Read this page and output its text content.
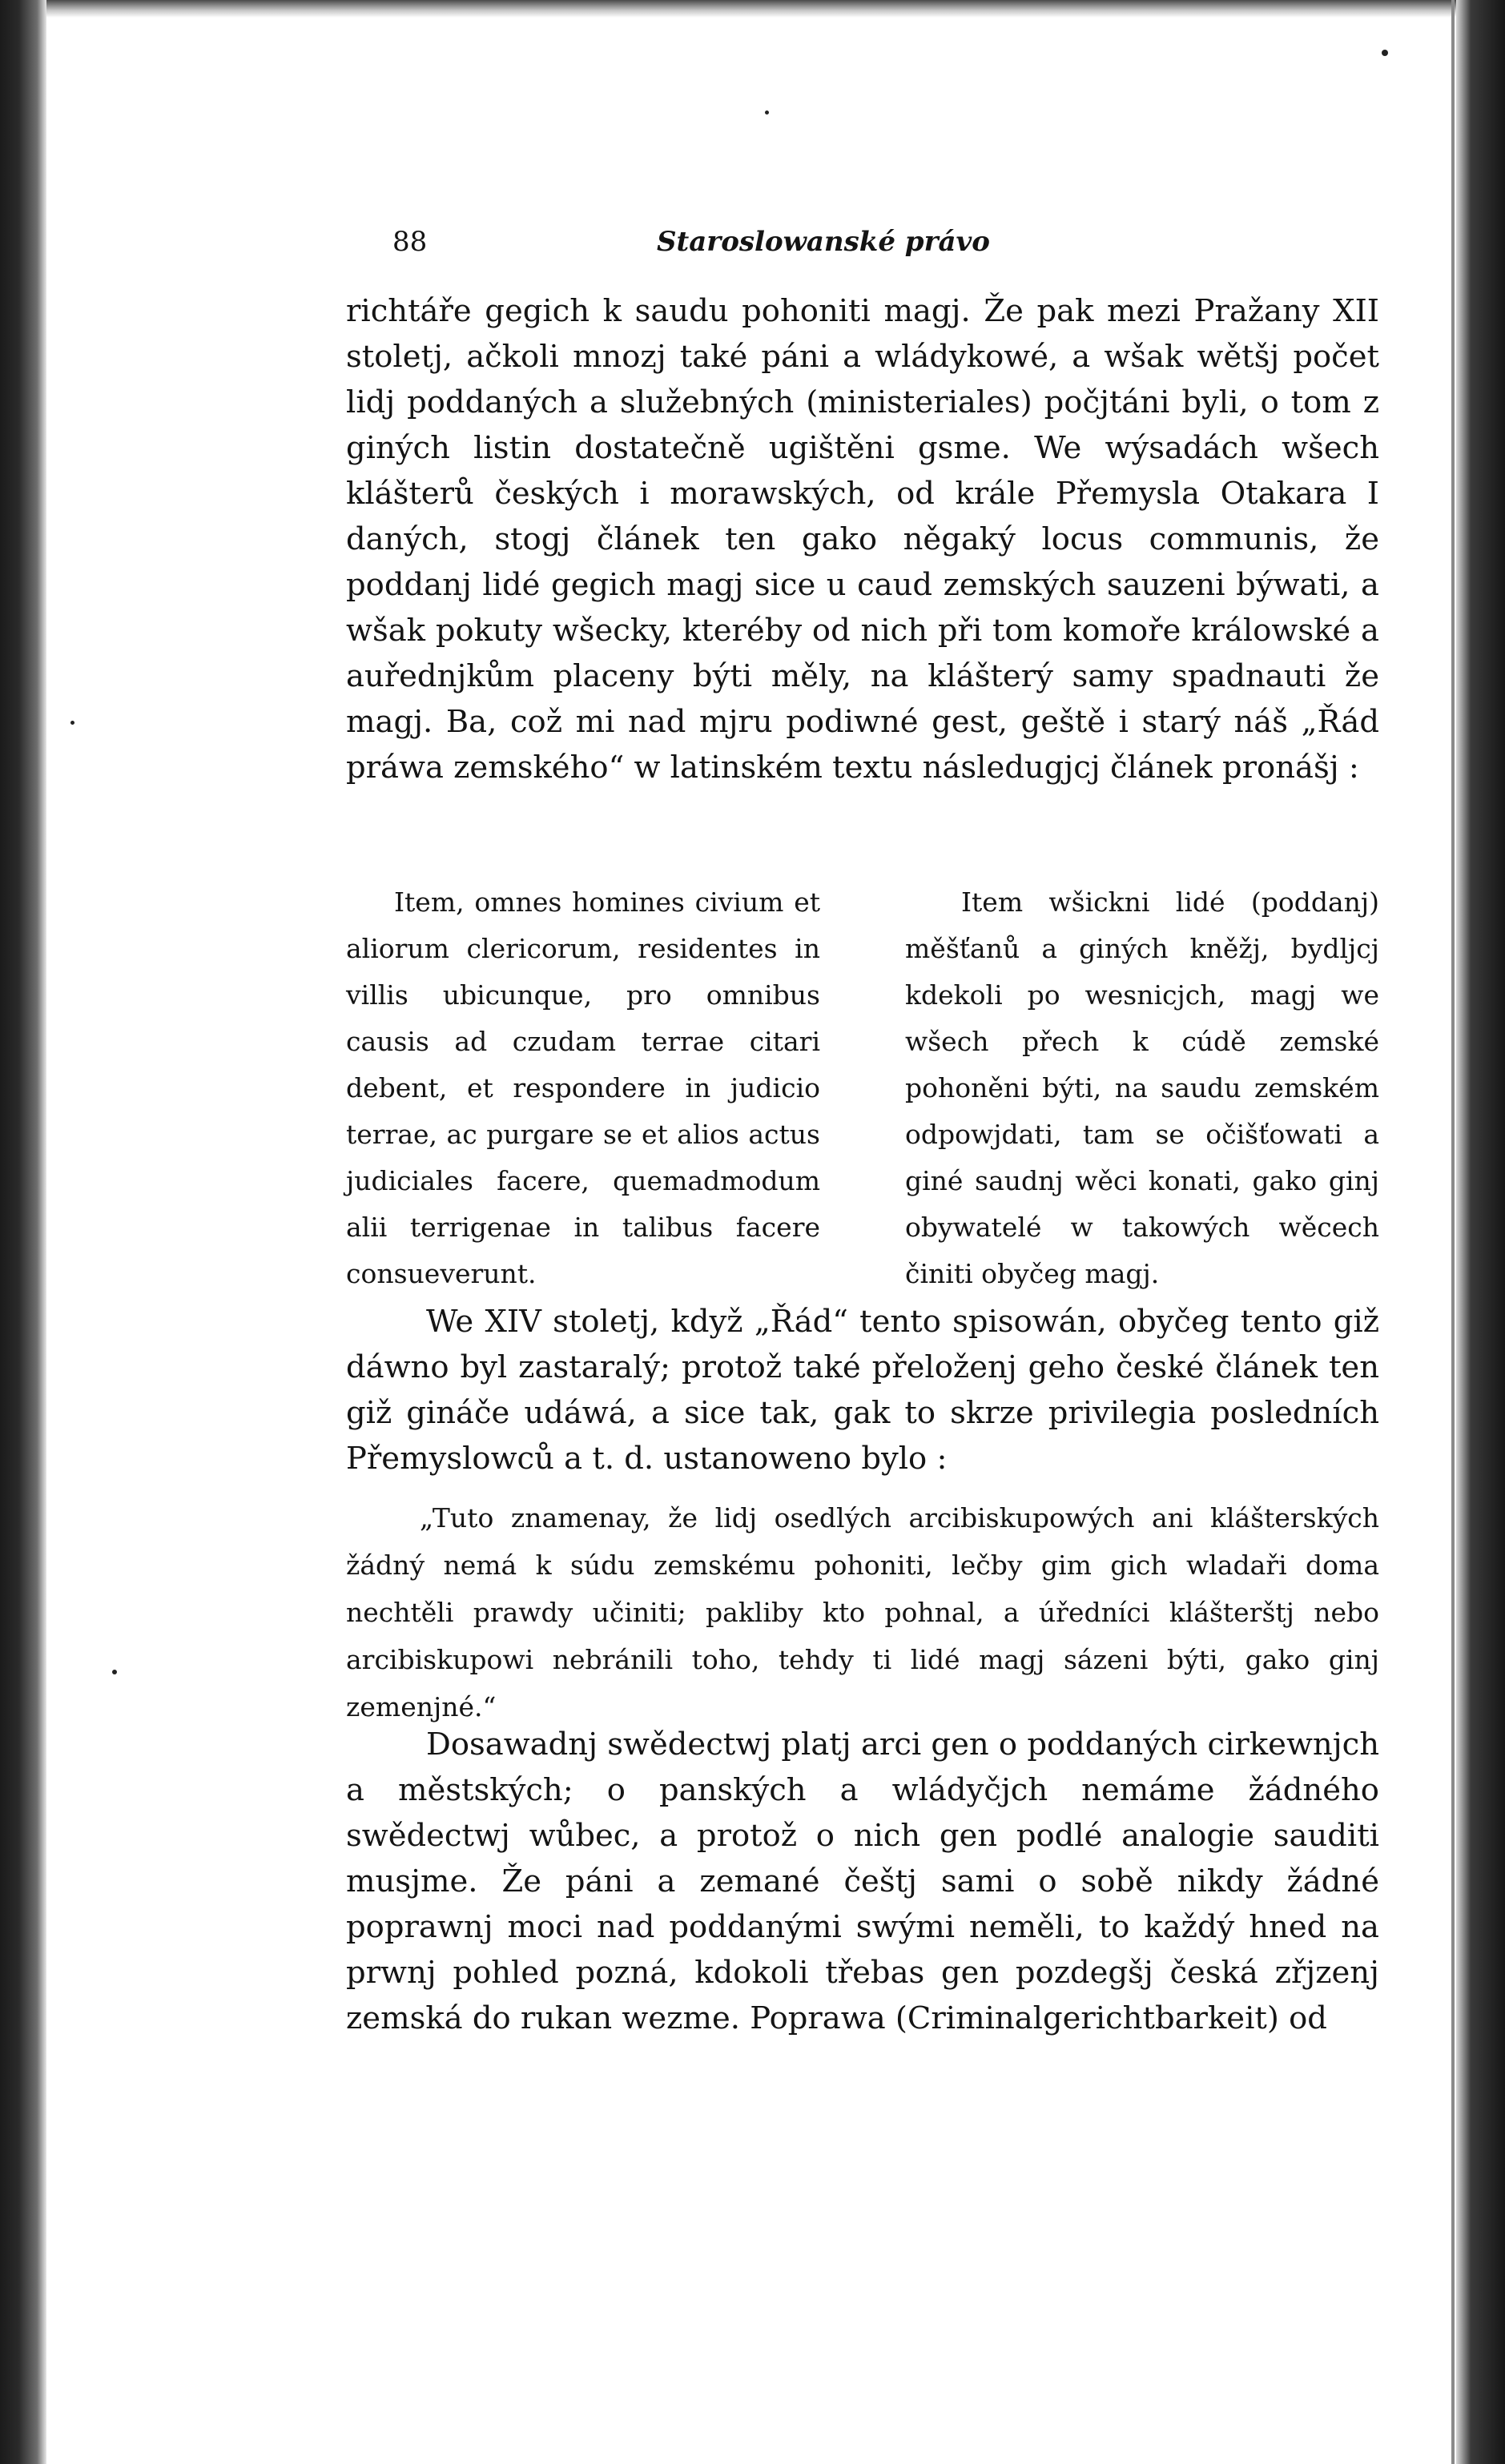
88	Staroslowanské právo

richtáře gegich k saudu pohoniti magj. Že pak mezi Pražany XII stoletj, ačkoli mnozj také páni a wládykowé, a wšak wětšj počet lidj poddaných a služebných (ministeriales) počjtáni byli, o tom z giných listin dostatečně ugištěni gsme. We wýsadách wšech klášterů českých i morawských, od krále Přemysla Otakara I daných, stogj článek ten gako něgaký locus communis, že poddanj lidé gegich magj sice u caud zemských sauzeni býwati, a wšak pokuty wšecky, kteréby od nich při tom komoře králowské a auřednjkům placeny býti měly, na klášterý samy spadnauti že magj. Ba, což mi nad mjru podiwné gest, geště i starý náš „Řád práwa zemského“ w latinském textu následugjcj článek pronášj :

Item, omnes homines civium et aliorum clericorum, residentes in villis ubicunque, pro omnibus causis ad czudam terrae citari debent, et respondere in judicio terrae, ac purgare se et alios actus judiciales facere, quemadmodum alii terrigenae in talibus facere consueverunt.

Item wšickni lidé (poddanj) měšťanů a giných kněžj, bydljcj kdekoli po wesnicjch, magj we wšech přech k cúdě zemské pohoněni býti, na saudu zemském odpowjdati, tam se očišťowati a giné saudnj wěci konati, gako ginj obywatelé w takowých wěcech činiti obyčeg magj.

We XIV stoletj, když „Řád“ tento spisowán, obyčeg tento giž dáwno byl zastaralý; protož také přeloženj geho české článek ten giž gináče udáwá, a sice tak, gak to skrze privilegia posledních Přemyslowců a t. d. ustanoweno bylo :

„Tuto znamenay, že lidj osedlých arcibiskupowých ani klášterských žádný nemá k súdu zemskému pohoniti, lečby gim gich wladaři doma nechtěli prawdy učiniti; pakliby kto pohnal, a úředníci klášterštj nebo arcibiskupowi nebránili toho, tehdy ti lidé magj sázeni býti, gako ginj zemenjné.“

Dosawadnj swědectwj platj arci gen o poddaných cirkewnjch a městských; o panských a wládyčjch nemáme žádného swědectwj wůbec, a protož o nich gen podlé analogie sauditi musjme. Že páni a zemané češtj sami o sobě nikdy žádné poprawnj moci nad poddanými swými neměli, to každý hned na prwnj pohled pozná, kdokoli třebas gen pozdegšj česká zřjzenj zemská do rukan wezme. Poprawa (Criminalgerichtbarkeit) od
